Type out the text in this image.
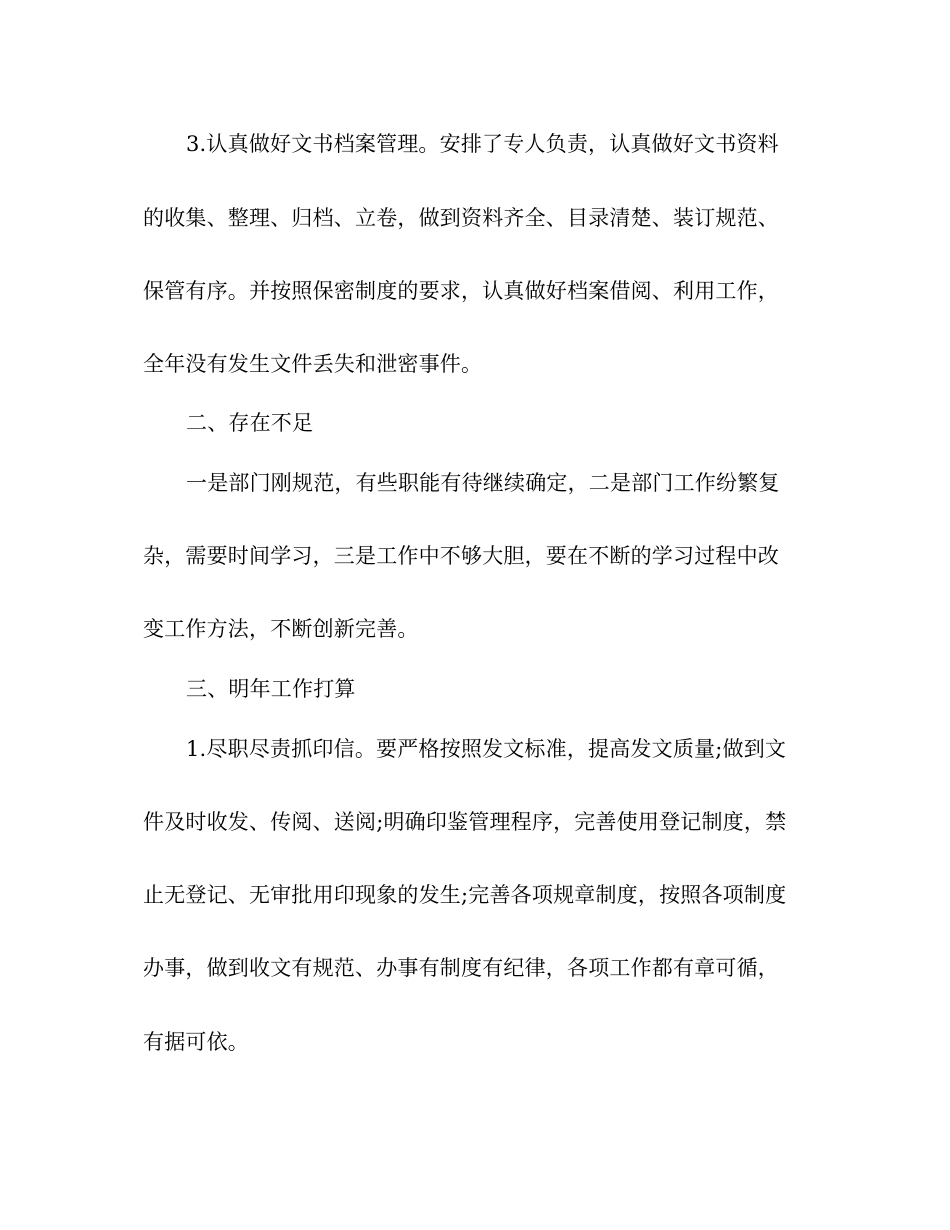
3.认真做好文书档案管理。安排了专人负责，认真做好文书资料
的收集、整理、归档、立卷，做到资料齐全、目录清楚、装订规范、
保管有序。并按照保密制度的要求，认真做好档案借阅、利用工作，
全年没有发生文件丢失和泄密事件。
二、存在不足
一是部门刚规范，有些职能有待继续确定，二是部门工作纷繁复
杂，需要时间学习，三是工作中不够大胆，要在不断的学习过程中改
变工作方法，不断创新完善。
三、明年工作打算
1.尽职尽责抓印信。要严格按照发文标准，提高发文质量;做到文
件及时收发、传阅、送阅;明确印鉴管理程序，完善使用登记制度，禁
止无登记、无审批用印现象的发生;完善各项规章制度，按照各项制度
办事，做到收文有规范、办事有制度有纪律，各项工作都有章可循，
有据可依。
